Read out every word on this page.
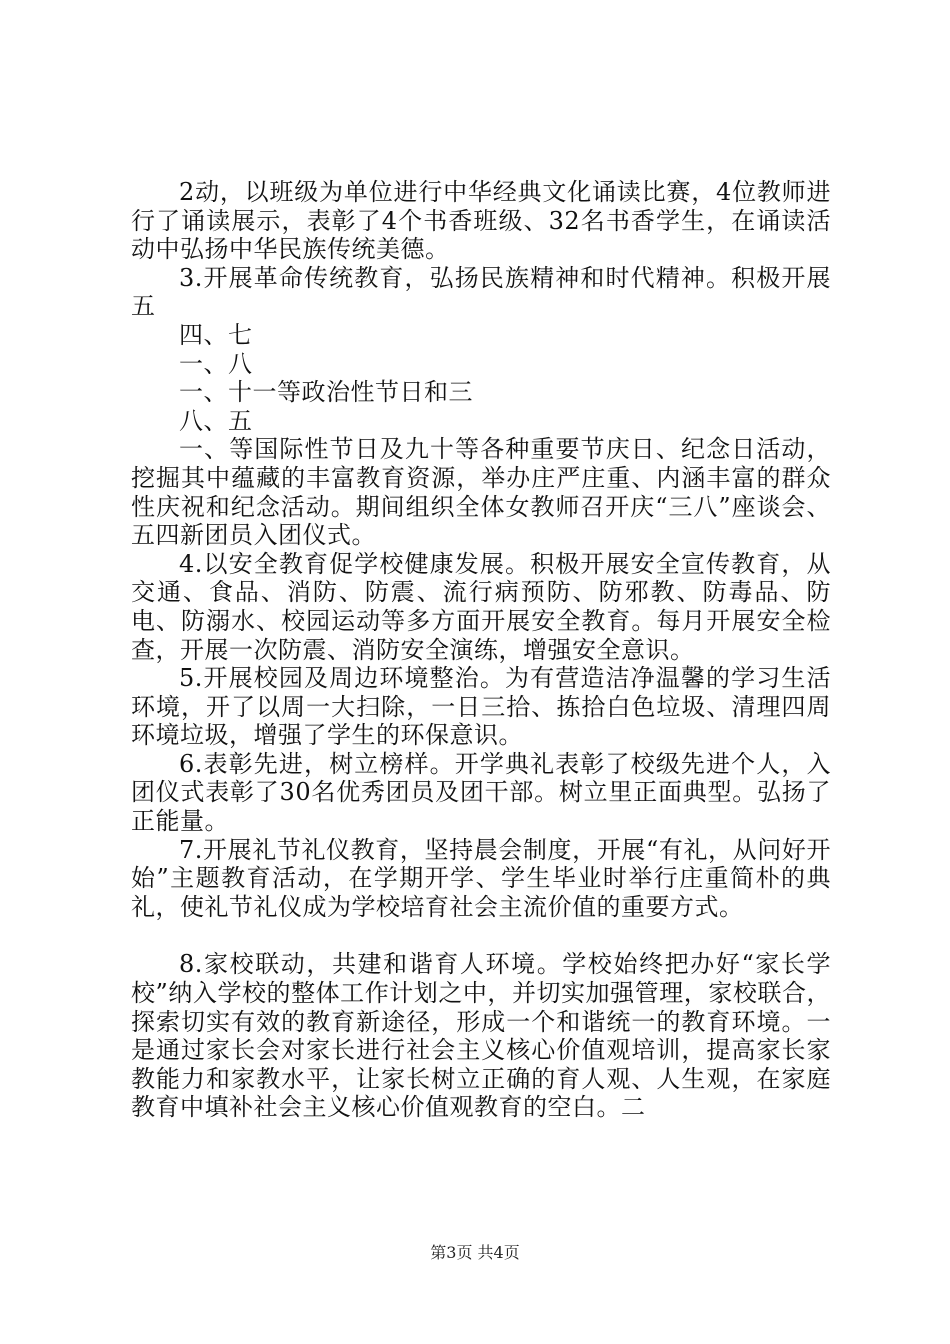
2动，以班级为单位进行中华经典文化诵读比赛，4位教师进行了诵读展示，表彰了4个书香班级、32名书香学生，在诵读活动中弘扬中华民族传统美德。

3.开展革命传统教育，弘扬民族精神和时代精神。积极开展五

四、七

一、八

一、十一等政治性节日和三

八、五

一、等国际性节日及九十等各种重要节庆日、纪念日活动，挖掘其中蕴藏的丰富教育资源，举办庄严庄重、内涵丰富的群众性庆祝和纪念活动。期间组织全体女教师召开庆“三八”座谈会、五四新团员入团仪式。

4.以安全教育促学校健康发展。积极开展安全宣传教育，从交通、食品、消防、防震、流行病预防、防邪教、防毒品、防电、防溺水、校园运动等多方面开展安全教育。每月开展安全检查，开展一次防震、消防安全演练，增强安全意识。

5.开展校园及周边环境整治。为有营造洁净温馨的学习生活环境，开了以周一大扫除，一日三拾、拣拾白色垃圾、清理四周环境垃圾，增强了学生的环保意识。

6.表彰先进，树立榜样。开学典礼表彰了校级先进个人，入团仪式表彰了30名优秀团员及团干部。树立里正面典型。弘扬了正能量。

7.开展礼节礼仪教育，坚持晨会制度，开展“有礼，从问好开始”主题教育活动，在学期开学、学生毕业时举行庄重简朴的典礼，使礼节礼仪成为学校培育社会主流价值的重要方式。

8.家校联动，共建和谐育人环境。学校始终把办好“家长学校”纳入学校的整体工作计划之中，并切实加强管理，家校联合，探索切实有效的教育新途径，形成一个和谐统一的教育环境。一是通过家长会对家长进行社会主义核心价值观培训，提高家长家教能力和家教水平，让家长树立正确的育人观、人生观，在家庭教育中填补社会主义核心价值观教育的空白。二

第3页 共4页
